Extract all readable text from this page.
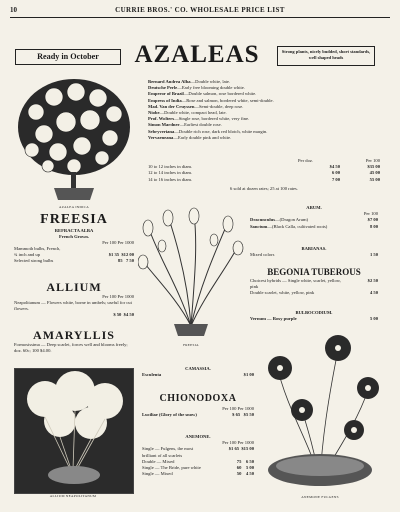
10	CURRIE BROS.' CO. WHOLESALE PRICE LIST
Ready in October	AZALEAS	Strong plants, nicely budded, short standards, well shaped heads
AZALEA INDICA
Bernard Andrea Alba—Double white, late.
Deutsche Perle—Early free blooming double white.
Emperor of Brazil—Double salmon, rose bordered white.
Empress of India—Rose and salmon, bordered white, semi-double.
Mad. Van der Cruyssen—Semi-double, deep rose.
Niobe—Double white, compact head, late.
Prof. Wolters—Single rose, bordered white, very fine.
Simon Mardner—Earliest double rose.
Sebryveriana—Double rich rose, dark red blotch, white margin.
Vervaeneana—Early double pink and white.
Per doz.	Per 100
10 to 12 inches in diam.	$4 50	$35 00
12 to 14 inches in diam.	6 00	45 00
14 to 16 inches in diam.	7 00	55 00
6 sold at dozen rates; 25 at 100 rates.
FREESIA
REFRACTA ALBA
French Grown.
Per 100 Per 1000
Mammoth bulbs, French,
¾ inch and up	$1 35 $12 00
Selected strong bulbs	85 7 50
ALLIUM
Per 100 Per 1000
Neapolitanum — Flowers white, borne in umbels; useful for cut flowers.
$ 50 $4 50
AMARYLLIS
Formosissima — Deep scarlet, forces well and blooms freely; doz. 60c; 100 $4.00.
ALLIUM NEAPOLITANUM
FREESIA
ARUM.
Per 100
Dracunculus—(Dragon Arum)	$7 00
Sanctum—(Black Calla, cultivated roots)	8 00
BABIANAS.
Mixed colors	1 50
BEGONIA TUBEROUS
Choicest hybrids — Single white, scarlet, yellow, pink
$2 50
Double scarlet, white, yellow, pink	4 50
BULBOCODIUM.
Vernum — Rosy purple	5 00
CAMASSIA.
Esculenta	$1 00
CHIONODOXA
Per 100 Per 1000
Luciliae (Glory of the snow)	$ 65 $5 50
ANEMONE.
Per 100 Per 1000
Single — Fulgens, the most brilliant of all scarlets
$1 65 $15 00
Double — Mixed	75 6 50
Single — The Bride, pure white	60 5 00
Single — Mixed	50 4 50
ANEMONE FULGENS
